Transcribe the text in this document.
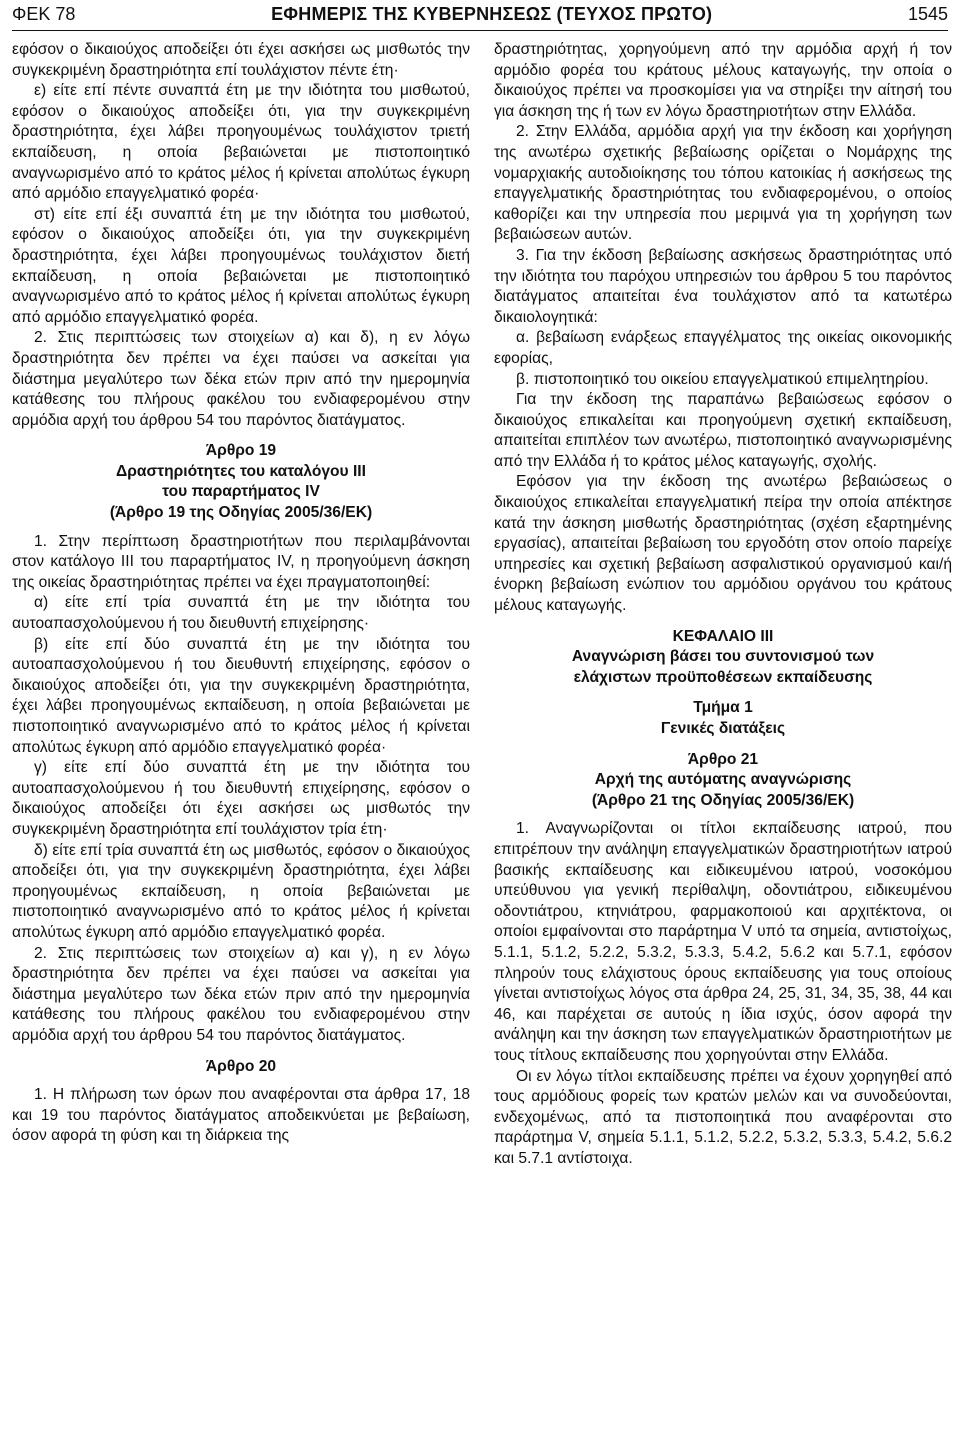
ΦΕΚ 78	ΕΦΗΜΕΡΙΣ ΤΗΣ ΚΥΒΕΡΝΗΣΕΩΣ (ΤΕΥΧΟΣ ΠΡΩΤΟ)	1545

εφόσον ο δικαιούχος αποδείξει ότι έχει ασκήσει ως μισθωτός την συγκεκριμένη δραστηριότητα επί τουλάχιστον πέντε έτη·

ε) είτε επί πέντε συναπτά έτη με την ιδιότητα του μισθωτού, εφόσον ο δικαιούχος αποδείξει ότι, για την συγκεκριμένη δραστηριότητα, έχει λάβει προηγουμένως τουλάχιστον τριετή εκπαίδευση, η οποία βεβαιώνεται με πιστοποιητικό αναγνωρισμένο από το κράτος μέλος ή κρίνεται απολύτως έγκυρη από αρμόδιο επαγγελματικό φορέα·

στ) είτε επί έξι συναπτά έτη με την ιδιότητα του μισθωτού, εφόσον ο δικαιούχος αποδείξει ότι, για την συγκεκριμένη δραστηριότητα, έχει λάβει προηγουμένως τουλάχιστον διετή εκπαίδευση, η οποία βεβαιώνεται με πιστοποιητικό αναγνωρισμένο από το κράτος μέλος ή κρίνεται απολύτως έγκυρη από αρμόδιο επαγγελματικό φορέα.

2. Στις περιπτώσεις των στοιχείων α) και δ), η εν λόγω δραστηριότητα δεν πρέπει να έχει παύσει να ασκείται για διάστημα μεγαλύτερο των δέκα ετών πριν από την ημερομηνία κατάθεσης του πλήρους φακέλου του ενδιαφερομένου στην αρμόδια αρχή του άρθρου 54 του παρόντος διατάγματος.

Άρθρο 19

Δραστηριότητες του καταλόγου ΙΙΙ

του παραρτήματος ΙV

(Άρθρο 19 της Οδηγίας 2005/36/ΕΚ)

1. Στην περίπτωση δραστηριοτήτων που περιλαμβάνονται στον κατάλογο ΙΙΙ του παραρτήματος ΙV, η προηγούμενη άσκηση της οικείας δραστηριότητας πρέπει να έχει πραγματοποιηθεί:

α) είτε επί τρία συναπτά έτη με την ιδιότητα του αυτοαπασχολούμενου ή του διευθυντή επιχείρησης·

β) είτε επί δύο συναπτά έτη με την ιδιότητα του αυτοαπασχολούμενου ή του διευθυντή επιχείρησης, εφόσον ο δικαιούχος αποδείξει ότι, για την συγκεκριμένη δραστηριότητα, έχει λάβει προηγουμένως εκπαίδευση, η οποία βεβαιώνεται με πιστοποιητικό αναγνωρισμένο από το κράτος μέλος ή κρίνεται απολύτως έγκυρη από αρμόδιο επαγγελματικό φορέα·

γ) είτε επί δύο συναπτά έτη με την ιδιότητα του αυτοαπασχολούμενου ή του διευθυντή επιχείρησης, εφόσον ο δικαιούχος αποδείξει ότι έχει ασκήσει ως μισθωτός την συγκεκριμένη δραστηριότητα επί τουλάχιστον τρία έτη·

δ) είτε επί τρία συναπτά έτη ως μισθωτός, εφόσον ο δικαιούχος αποδείξει ότι, για την συγκεκριμένη δραστηριότητα, έχει λάβει προηγουμένως εκπαίδευση, η οποία βεβαιώνεται με πιστοποιητικό αναγνωρισμένο από το κράτος μέλος ή κρίνεται απολύτως έγκυρη από αρμόδιο επαγγελματικό φορέα.

2. Στις περιπτώσεις των στοιχείων α) και γ), η εν λόγω δραστηριότητα δεν πρέπει να έχει παύσει να ασκείται για διάστημα μεγαλύτερο των δέκα ετών πριν από την ημερομηνία κατάθεσης του πλήρους φακέλου του ενδιαφερομένου στην αρμόδια αρχή του άρθρου 54 του παρόντος διατάγματος.

Άρθρο 20

1. Η πλήρωση των όρων που αναφέρονται στα άρθρα 17, 18 και 19 του παρόντος διατάγματος αποδεικνύεται με βεβαίωση, όσον αφορά τη φύση και τη διάρκεια της

δραστηριότητας, χορηγούμενη από την αρμόδια αρχή ή τον αρμόδιο φορέα του κράτους μέλους καταγωγής, την οποία ο δικαιούχος πρέπει να προσκομίσει για να στηρίξει την αίτησή του για άσκηση της ή των εν λόγω δραστηριοτήτων στην Ελλάδα.

2. Στην Ελλάδα, αρμόδια αρχή για την έκδοση και χορήγηση της ανωτέρω σχετικής βεβαίωσης ορίζεται ο Νομάρχης της νομαρχιακής αυτοδιοίκησης του τόπου κατοικίας ή ασκήσεως της επαγγελματικής δραστηριότητας του ενδιαφερομένου, ο οποίος καθορίζει και την υπηρεσία που μεριμνά για τη χορήγηση των βεβαιώσεων αυτών.

3. Για την έκδοση βεβαίωσης ασκήσεως δραστηριότητας υπό την ιδιότητα του παρόχου υπηρεσιών του άρθρου 5 του παρόντος διατάγματος απαιτείται ένα τουλάχιστον από τα κατωτέρω δικαιολογητικά:

α. βεβαίωση ενάρξεως επαγγέλματος της οικείας οικονομικής εφορίας,

β. πιστοποιητικό του οικείου επαγγελματικού επιμελητηρίου.

Για την έκδοση της παραπάνω βεβαιώσεως εφόσον ο δικαιούχος επικαλείται και προηγούμενη σχετική εκπαίδευση, απαιτείται επιπλέον των ανωτέρω, πιστοποιητικό αναγνωρισμένης από την Ελλάδα ή το κράτος μέλος καταγωγής, σχολής.

Εφόσον για την έκδοση της ανωτέρω βεβαιώσεως ο δικαιούχος επικαλείται επαγγελματική πείρα την οποία απέκτησε κατά την άσκηση μισθωτής δραστηριότητας (σχέση εξαρτημένης εργασίας), απαιτείται βεβαίωση του εργοδότη στον οποίο παρείχε υπηρεσίες και σχετική βεβαίωση ασφαλιστικού οργανισμού και/ή ένορκη βεβαίωση ενώπιον του αρμόδιου οργάνου του κράτους μέλους καταγωγής.

ΚΕΦΑΛΑΙΟ ΙΙΙ

Αναγνώριση βάσει του συντονισμού των

ελάχιστων προϋποθέσεων εκπαίδευσης

Τμήμα 1

Γενικές διατάξεις

Άρθρο 21

Αρχή της αυτόματης αναγνώρισης

(Άρθρο 21 της Οδηγίας 2005/36/ΕΚ)

1. Αναγνωρίζονται οι τίτλοι εκπαίδευσης ιατρού, που επιτρέπουν την ανάληψη επαγγελματικών δραστηριοτήτων ιατρού βασικής εκπαίδευσης και ειδικευμένου ιατρού, νοσοκόμου υπεύθυνου για γενική περίθαλψη, οδοντιάτρου, ειδικευμένου οδοντιάτρου, κτηνιάτρου, φαρμακοποιού και αρχιτέκτονα, οι οποίοι εμφαίνονται στο παράρτημα V υπό τα σημεία, αντιστοίχως, 5.1.1, 5.1.2, 5.2.2, 5.3.2, 5.3.3, 5.4.2, 5.6.2 και 5.7.1, εφόσον πληρούν τους ελάχιστους όρους εκπαίδευσης για τους οποίους γίνεται αντιστοίχως λόγος στα άρθρα 24, 25, 31, 34, 35, 38, 44 και 46, και παρέχεται σε αυτούς η ίδια ισχύς, όσον αφορά την ανάληψη και την άσκηση των επαγγελματικών δραστηριοτήτων με τους τίτλους εκπαίδευσης που χορηγούνται στην Ελλάδα.

Οι εν λόγω τίτλοι εκπαίδευσης πρέπει να έχουν χορηγηθεί από τους αρμόδιους φορείς των κρατών μελών και να συνοδεύονται, ενδεχομένως, από τα πιστοποιητικά που αναφέρονται στο παράρτημα V, σημεία 5.1.1, 5.1.2, 5.2.2, 5.3.2, 5.3.3, 5.4.2, 5.6.2 και 5.7.1 αντίστοιχα.
